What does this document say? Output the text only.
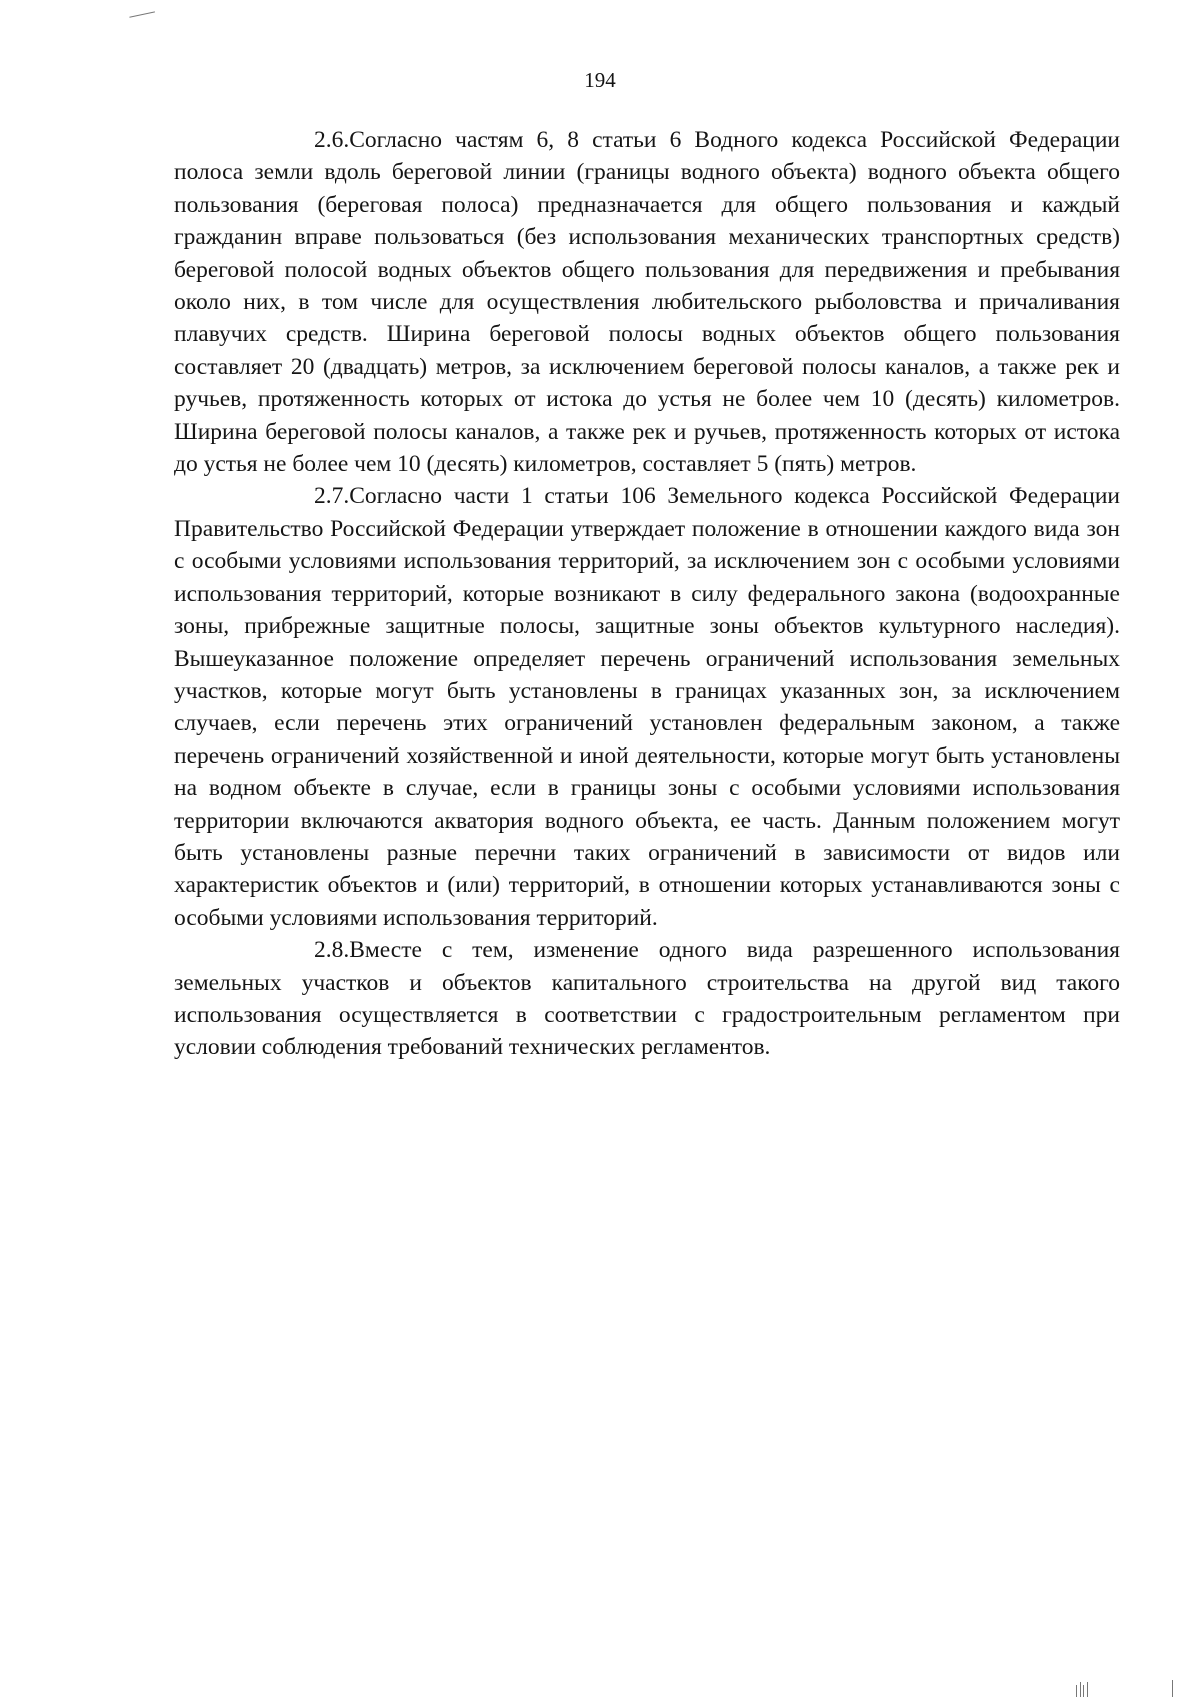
194

2.6.Согласно частям 6, 8 статьи 6 Водного кодекса Российской Федерации полоса земли вдоль береговой линии (границы водного объекта) водного объекта общего пользования (береговая полоса) предназначается для общего пользования и каждый гражданин вправе пользоваться (без использования механических транспортных средств) береговой полосой водных объектов общего пользования для передвижения и пребывания около них, в том числе для осуществления любительского рыболовства и причаливания плавучих средств. Ширина береговой полосы водных объектов общего пользования составляет 20 (двадцать) метров, за исключением береговой полосы каналов, а также рек и ручьев, протяженность которых от истока до устья не более чем 10 (десять) километров. Ширина береговой полосы каналов, а также рек и ручьев, протяженность которых от истока до устья не более чем 10 (десять) километров, составляет 5 (пять) метров.

2.7.Согласно части 1 статьи 106 Земельного кодекса Российской Федерации Правительство Российской Федерации утверждает положение в отношении каждого вида зон с особыми условиями использования территорий, за исключением зон с особыми условиями использования территорий, которые возникают в силу федерального закона (водоохранные зоны, прибрежные защитные полосы, защитные зоны объектов культурного наследия). Вышеуказанное положение определяет перечень ограничений использования земельных участков, которые могут быть установлены в границах указанных зон, за исключением случаев, если перечень этих ограничений установлен федеральным законом, а также перечень ограничений хозяйственной и иной деятельности, которые могут быть установлены на водном объекте в случае, если в границы зоны с особыми условиями использования территории включаются акватория водного объекта, ее часть. Данным положением могут быть установлены разные перечни таких ограничений в зависимости от видов или характеристик объектов и (или) территорий, в отношении которых устанавливаются зоны с особыми условиями использования территорий.

2.8.Вместе с тем, изменение одного вида разрешенного использования земельных участков и объектов капитального строительства на другой вид такого использования осуществляется в соответствии с градостроительным регламентом при условии соблюдения требований технических регламентов.
